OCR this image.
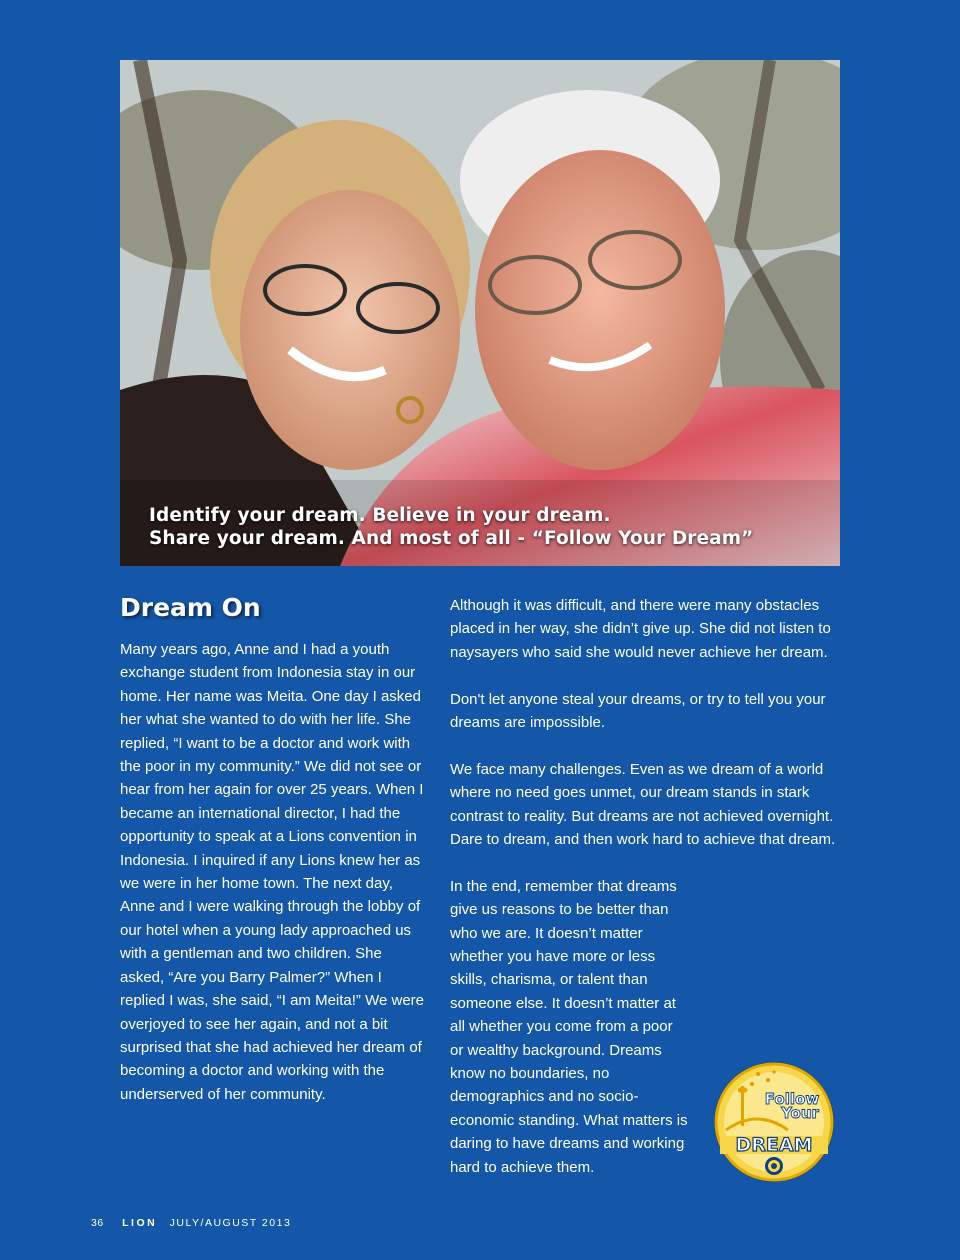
Identify your dream. Believe in your dream.
Share your dream. And most of all - “Follow Your Dream”
Dream On

Many years ago, Anne and I had a youth exchange student from Indonesia stay in our home. Her name was Meita. One day I asked her what she wanted to do with her life. She replied, “I want to be a doctor and work with the poor in my community.” We did not see or hear from her again for over 25 years. When I became an international director, I had the opportunity to speak at a Lions convention in Indonesia. I inquired if any Lions knew her as we were in her home town. The next day, Anne and I were walking through the lobby of our hotel when a young lady approached us with a gentleman and two children. She asked, “Are you Barry Palmer?” When I replied I was, she said, “I am Meita!” We were overjoyed to see her again, and not a bit surprised that she had achieved her dream of becoming a doctor and working with the underserved of her community.

Although it was difficult, and there were many obstacles placed in her way, she didn’t give up. She did not listen to naysayers who said she would never achieve her dream.

Don't let anyone steal your dreams, or try to tell you your dreams are impossible.

We face many challenges. Even as we dream of a world where no need goes unmet, our dream stands in stark contrast to reality. But dreams are not achieved overnight. Dare to dream, and then work hard to achieve that dream.

In the end, remember that dreams give us reasons to be better than who we are. It doesn’t matter whether you have more or less skills, charisma, or talent than someone else. It doesn’t matter at all whether you come from a poor or wealthy background. Dreams know no boundaries, no demographics and no socio-economic standing. What matters is daring to have dreams and working hard to achieve them.

Follow
Your
DREAM
36 LION JULY/AUGUST 2013
